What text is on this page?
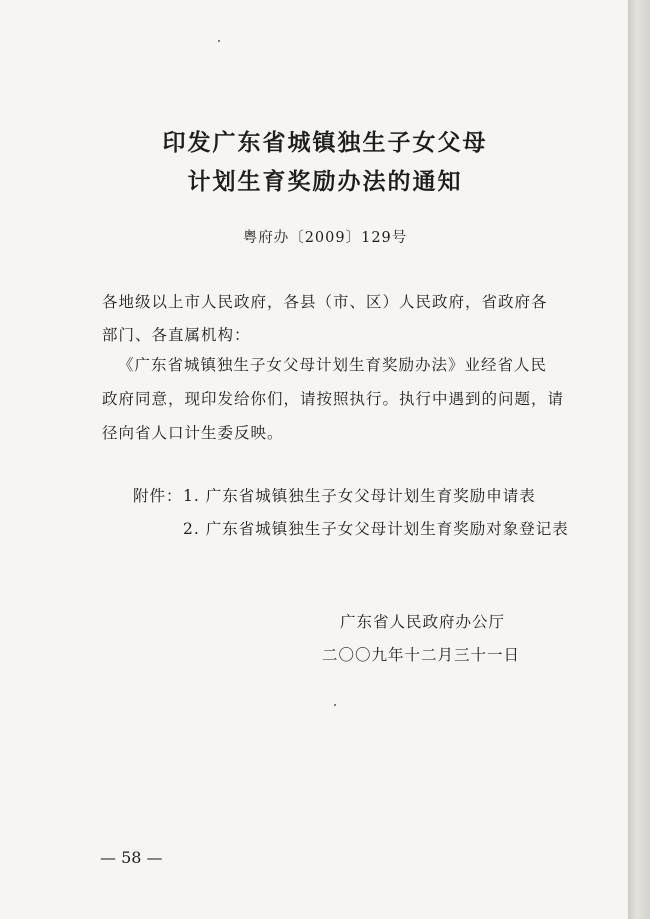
印发广东省城镇独生子女父母
计划生育奖励办法的通知
粤府办〔2009〕129号
各地级以上市人民政府，各县（市、区）人民政府，省政府各
部门、各直属机构：
《广东省城镇独生子女父母计划生育奖励办法》业经省人民
政府同意，现印发给你们，请按照执行。执行中遇到的问题，请
径向省人口计生委反映。
附件： 1. 广东省城镇独生子女父母计划生育奖励申请表
2. 广东省城镇独生子女父母计划生育奖励对象登记表
广东省人民政府办公厅
二〇〇九年十二月三十一日
— 58 —
